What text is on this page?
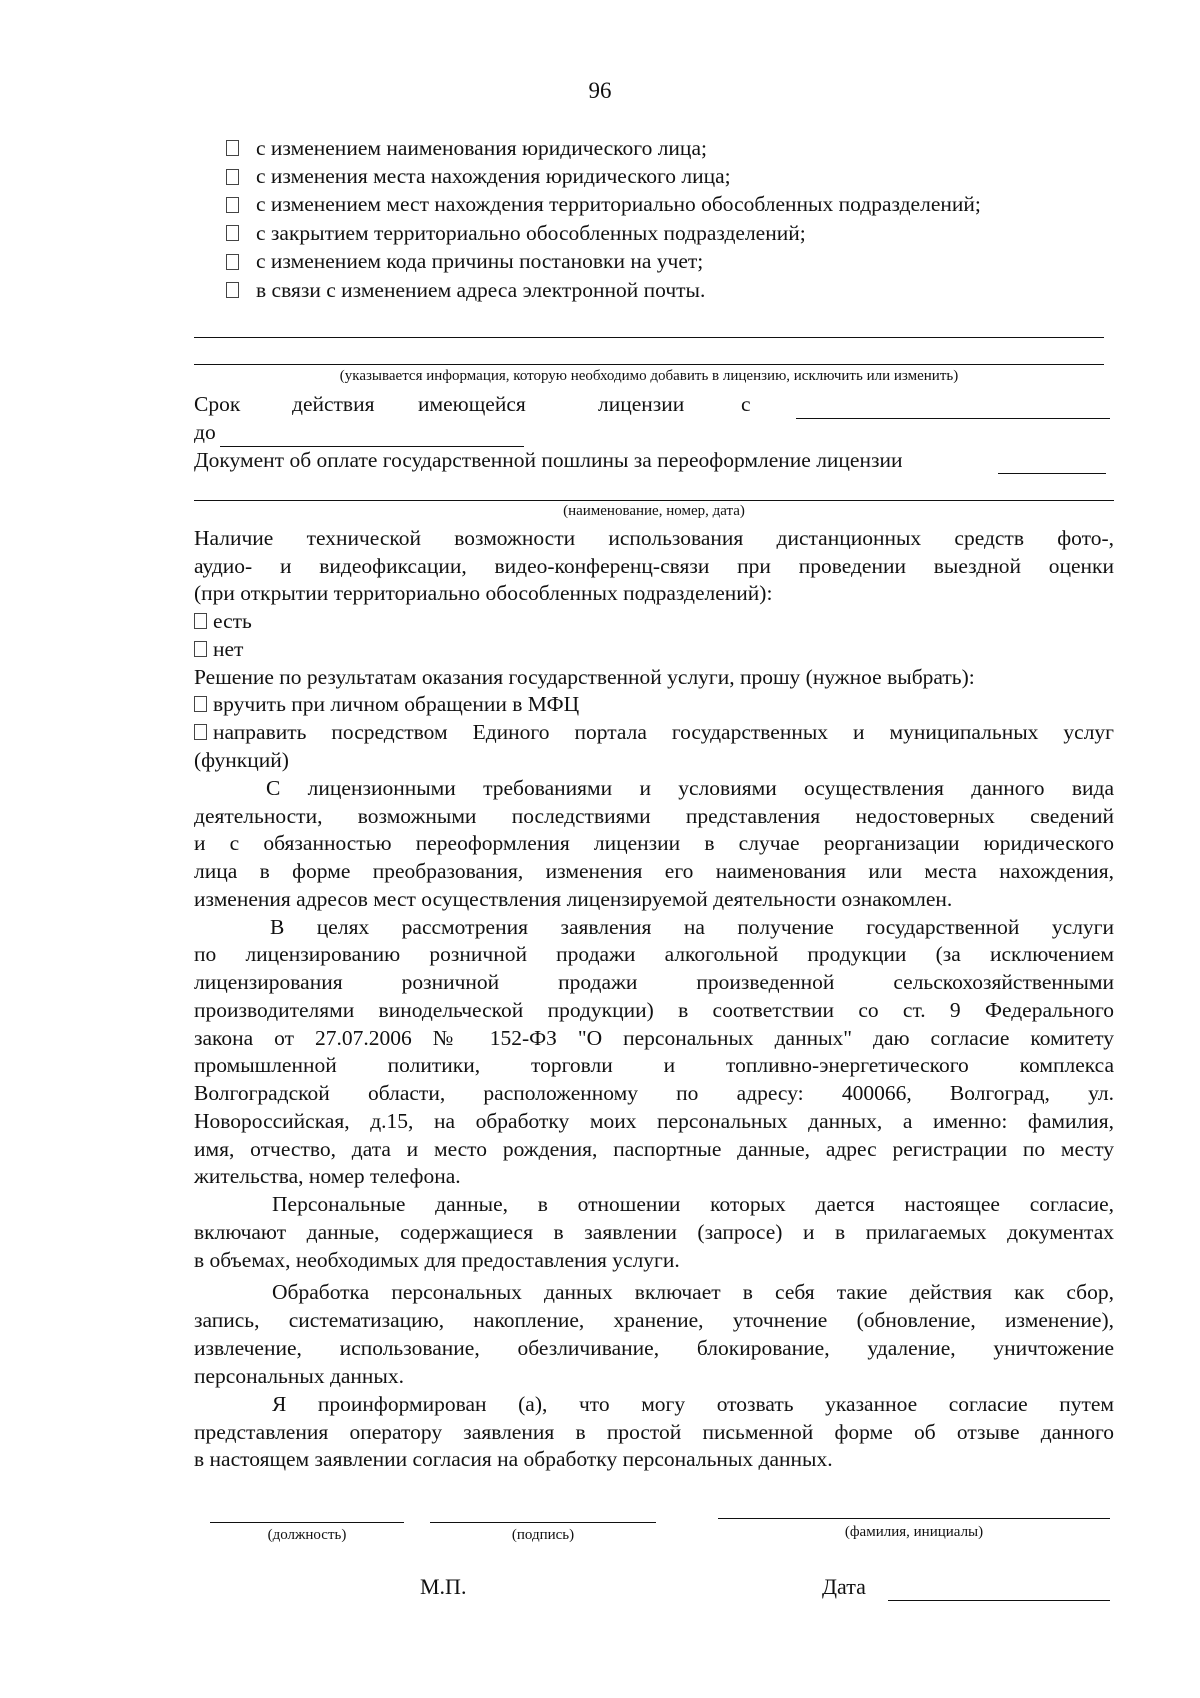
96
с изменением наименования юридического лица;
с изменения места нахождения юридического лица;
с изменением мест нахождения территориально обособленных подразделений;
с закрытием территориально обособленных подразделений;
с изменением кода причины постановки на учет;
в связи с изменением адреса электронной почты.
(указывается информация, которую необходимо добавить в лицензию, исключить или изменить)
Срок действия имеющейся	лицензии	с
до
Документ об оплате государственной пошлины за переоформление лицензии
(наименование, номер, дата)
Наличие технической возможности использования дистанционных средств фото-,
аудио- и видеофиксации, видео-конференц-связи при проведении выездной оценки
(при открытии территориально обособленных подразделений):
есть
нет
Решение по результатам оказания государственной услуги, прошу (нужное выбрать):
вручить при личном обращении в МФЦ
направить посредством Единого портала государственных и муниципальных услуг
(функций)
С лицензионными требованиями и условиями осуществления данного вида
деятельности, возможными последствиями представления недостоверных сведений
и с обязанностью переоформления лицензии в случае реорганизации юридического
лица в форме преобразования, изменения его наименования или места нахождения,
изменения адресов мест осуществления лицензируемой деятельности ознакомлен.
В целях рассмотрения заявления на получение государственной услуги
по лицензированию розничной продажи алкогольной продукции (за исключением
лицензирования розничной продажи произведенной сельскохозяйственными
производителями винодельческой продукции) в соответствии со ст. 9 Федерального
закона от 27.07.2006 № 152-ФЗ "О персональных данных" даю согласие комитету
промышленной политики, торговли и топливно-энергетического комплекса
Волгоградской области, расположенному по адресу: 400066, Волгоград, ул.
Новороссийская, д.15, на обработку моих персональных данных, а именно: фамилия,
имя, отчество, дата и место рождения, паспортные данные, адрес регистрации по месту
жительства, номер телефона.
Персональные данные, в отношении которых дается настоящее согласие,
включают данные, содержащиеся в заявлении (запросе) и в прилагаемых документах
в объемах, необходимых для предоставления услуги.
Обработка персональных данных включает в себя такие действия как сбор,
запись, систематизацию, накопление, хранение, уточнение (обновление, изменение),
извлечение, использование, обезличивание, блокирование, удаление, уничтожение
персональных данных.
Я проинформирован (а), что могу отозвать указанное согласие путем
представления оператору заявления в простой письменной форме об отзыве данного
в настоящем заявлении согласия на обработку персональных данных.
(должность)	(подпись)	(фамилия, инициалы)
М.П.	Дата
